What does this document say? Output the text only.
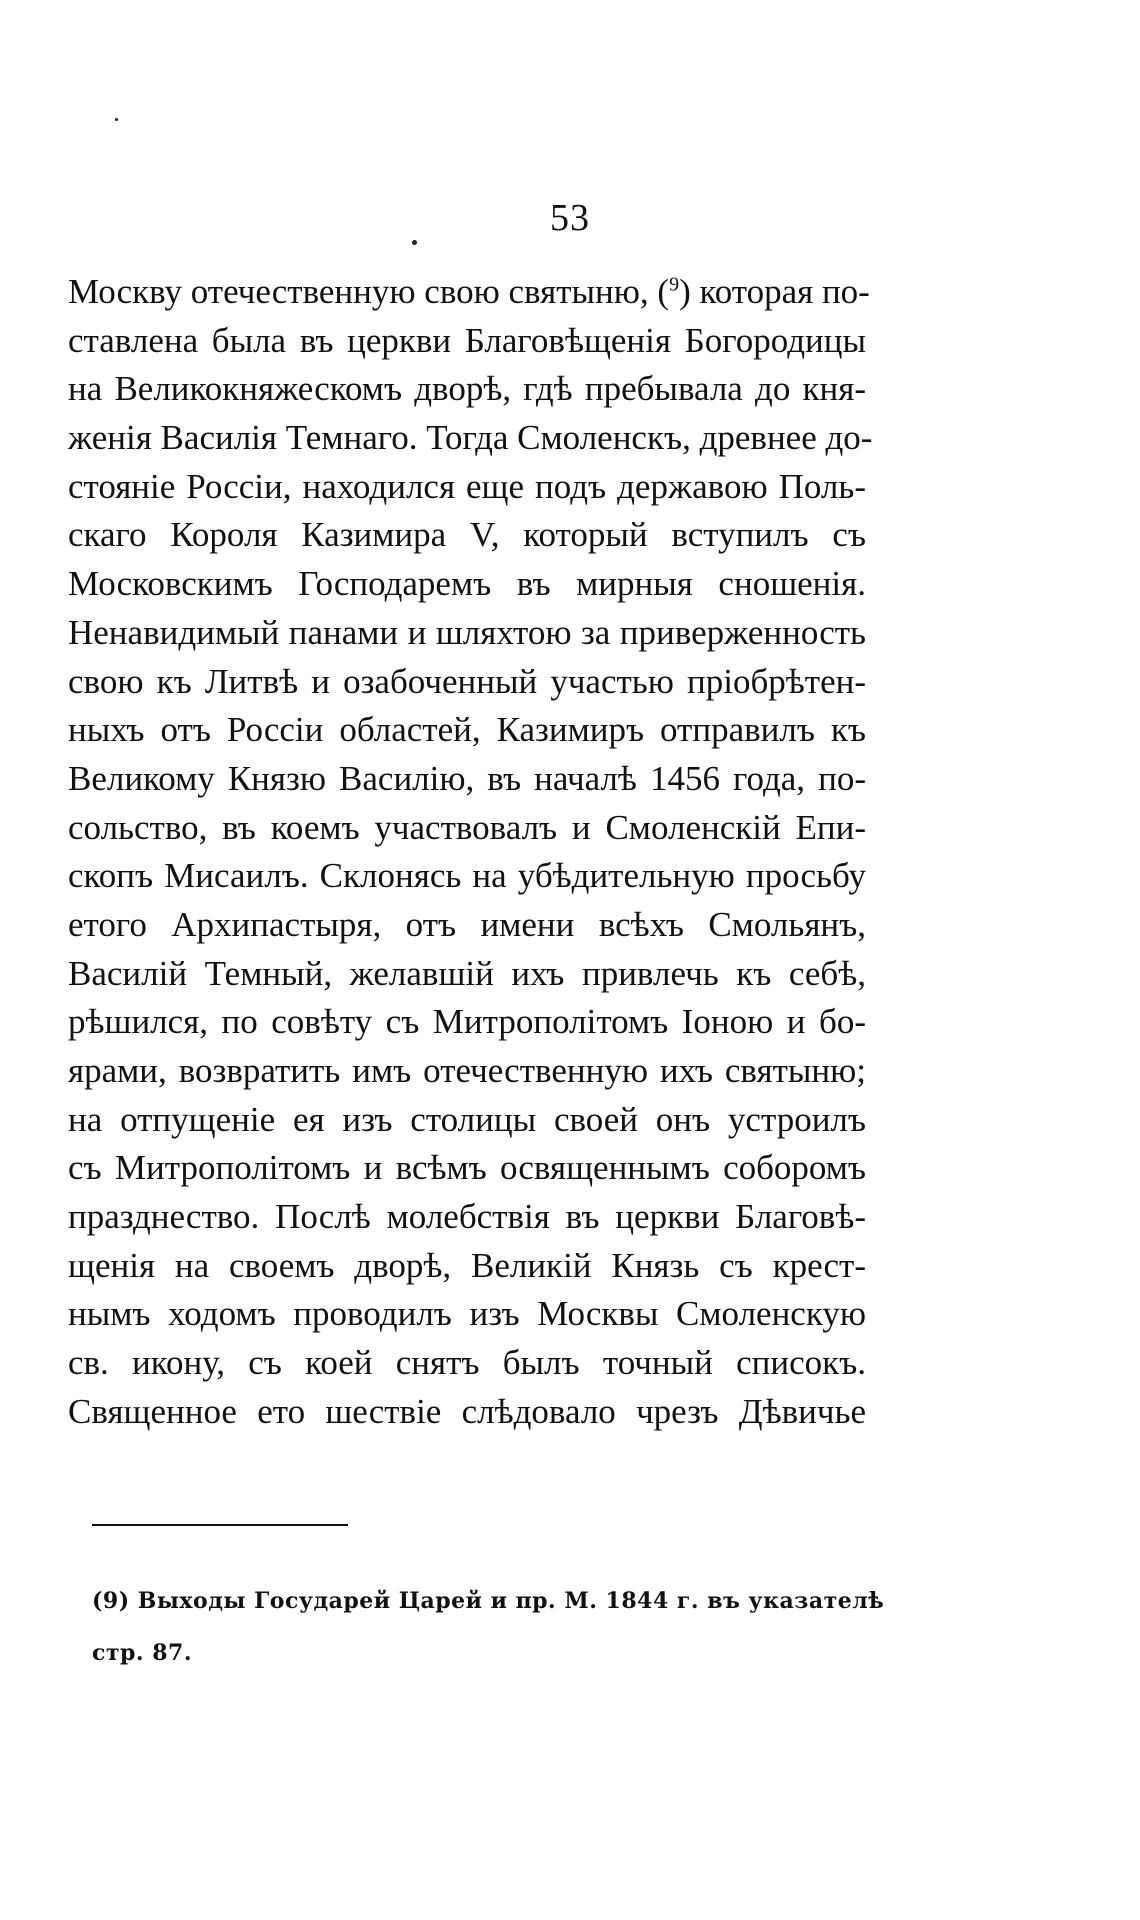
53
Москву отечественную свою святыню, ($^9$) которая по-
ставлена была въ церкви Благовѣщенія Богородицы
на Великокняжескомъ дворѣ, гдѣ пребывала до кня-
женія Василія Темнаго. Тогда Смоленскъ, древнее до-
стояніе Россіи, находился еще подъ державою Поль-
скаго Короля Казимира V, который вступилъ съ
Московскимъ Господаремъ въ мирныя сношенія.
Ненавидимый панами и шляхтою за приверженность
свою къ Литвѣ и озабоченный участью пріобрѣтен-
ныхъ отъ Россіи областей, Казимиръ отправилъ къ
Великому Князю Василію, въ началѣ 1456 года, по-
сольство, въ коемъ участвовалъ и Смоленскій Епи-
скопъ Мисаилъ. Склонясь на убѣдительную просьбу
етого Архипастыря, отъ имени всѣхъ Смольянъ,
Василій Темный, желавшій ихъ привлечь къ себѣ,
рѣшился, по совѣту съ Митрополітомъ Іоною и бо-
ярами, возвратить имъ отечественную ихъ святыню;
на отпущеніе ея изъ столицы своей онъ устроилъ
съ Митрополітомъ и всѣмъ освященнымъ соборомъ
празднество. Послѣ молебствія въ церкви Благовѣ-
щенія на своемъ дворѣ, Великій Князь съ крест-
нымъ ходомъ проводилъ изъ Москвы Смоленскую
св. икону, съ коей снятъ былъ точный списокъ.
Священное ето шествіе слѣдовало чрезъ Дѣвичье
(9) Выходы Государей Царей и пр. М. 1844 г. въ указателѣ
стр. 87.
